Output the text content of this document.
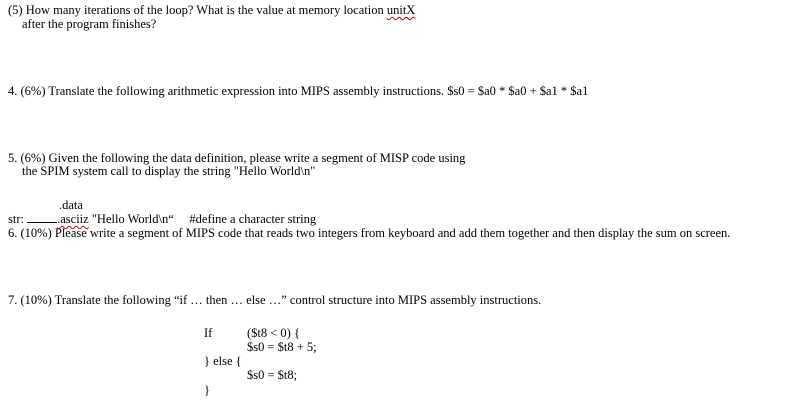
(5) How many iterations of the loop? What is the value at memory location unitX
after the program finishes?
4. (6%) Translate the following arithmetic expression into MIPS assembly instructions. $s0 = $a0 * $a0 + $a1 * $a1
5. (6%) Given the following the data definition, please write a segment of MISP code using
the SPIM system call to display the string "Hello World\n"
.data
str:	.asciiz "Hello World\n“     #define a character string
6. (10%) Please write a segment of MIPS code that reads two integers from keyboard and add them together and then display the sum on screen.
7. (10%) Translate the following “if … then … else …” control structure into MIPS assembly instructions.
If	($t8 < 0) {
$s0 = $t8 + 5;
} else {
$s0 = $t8;
}
